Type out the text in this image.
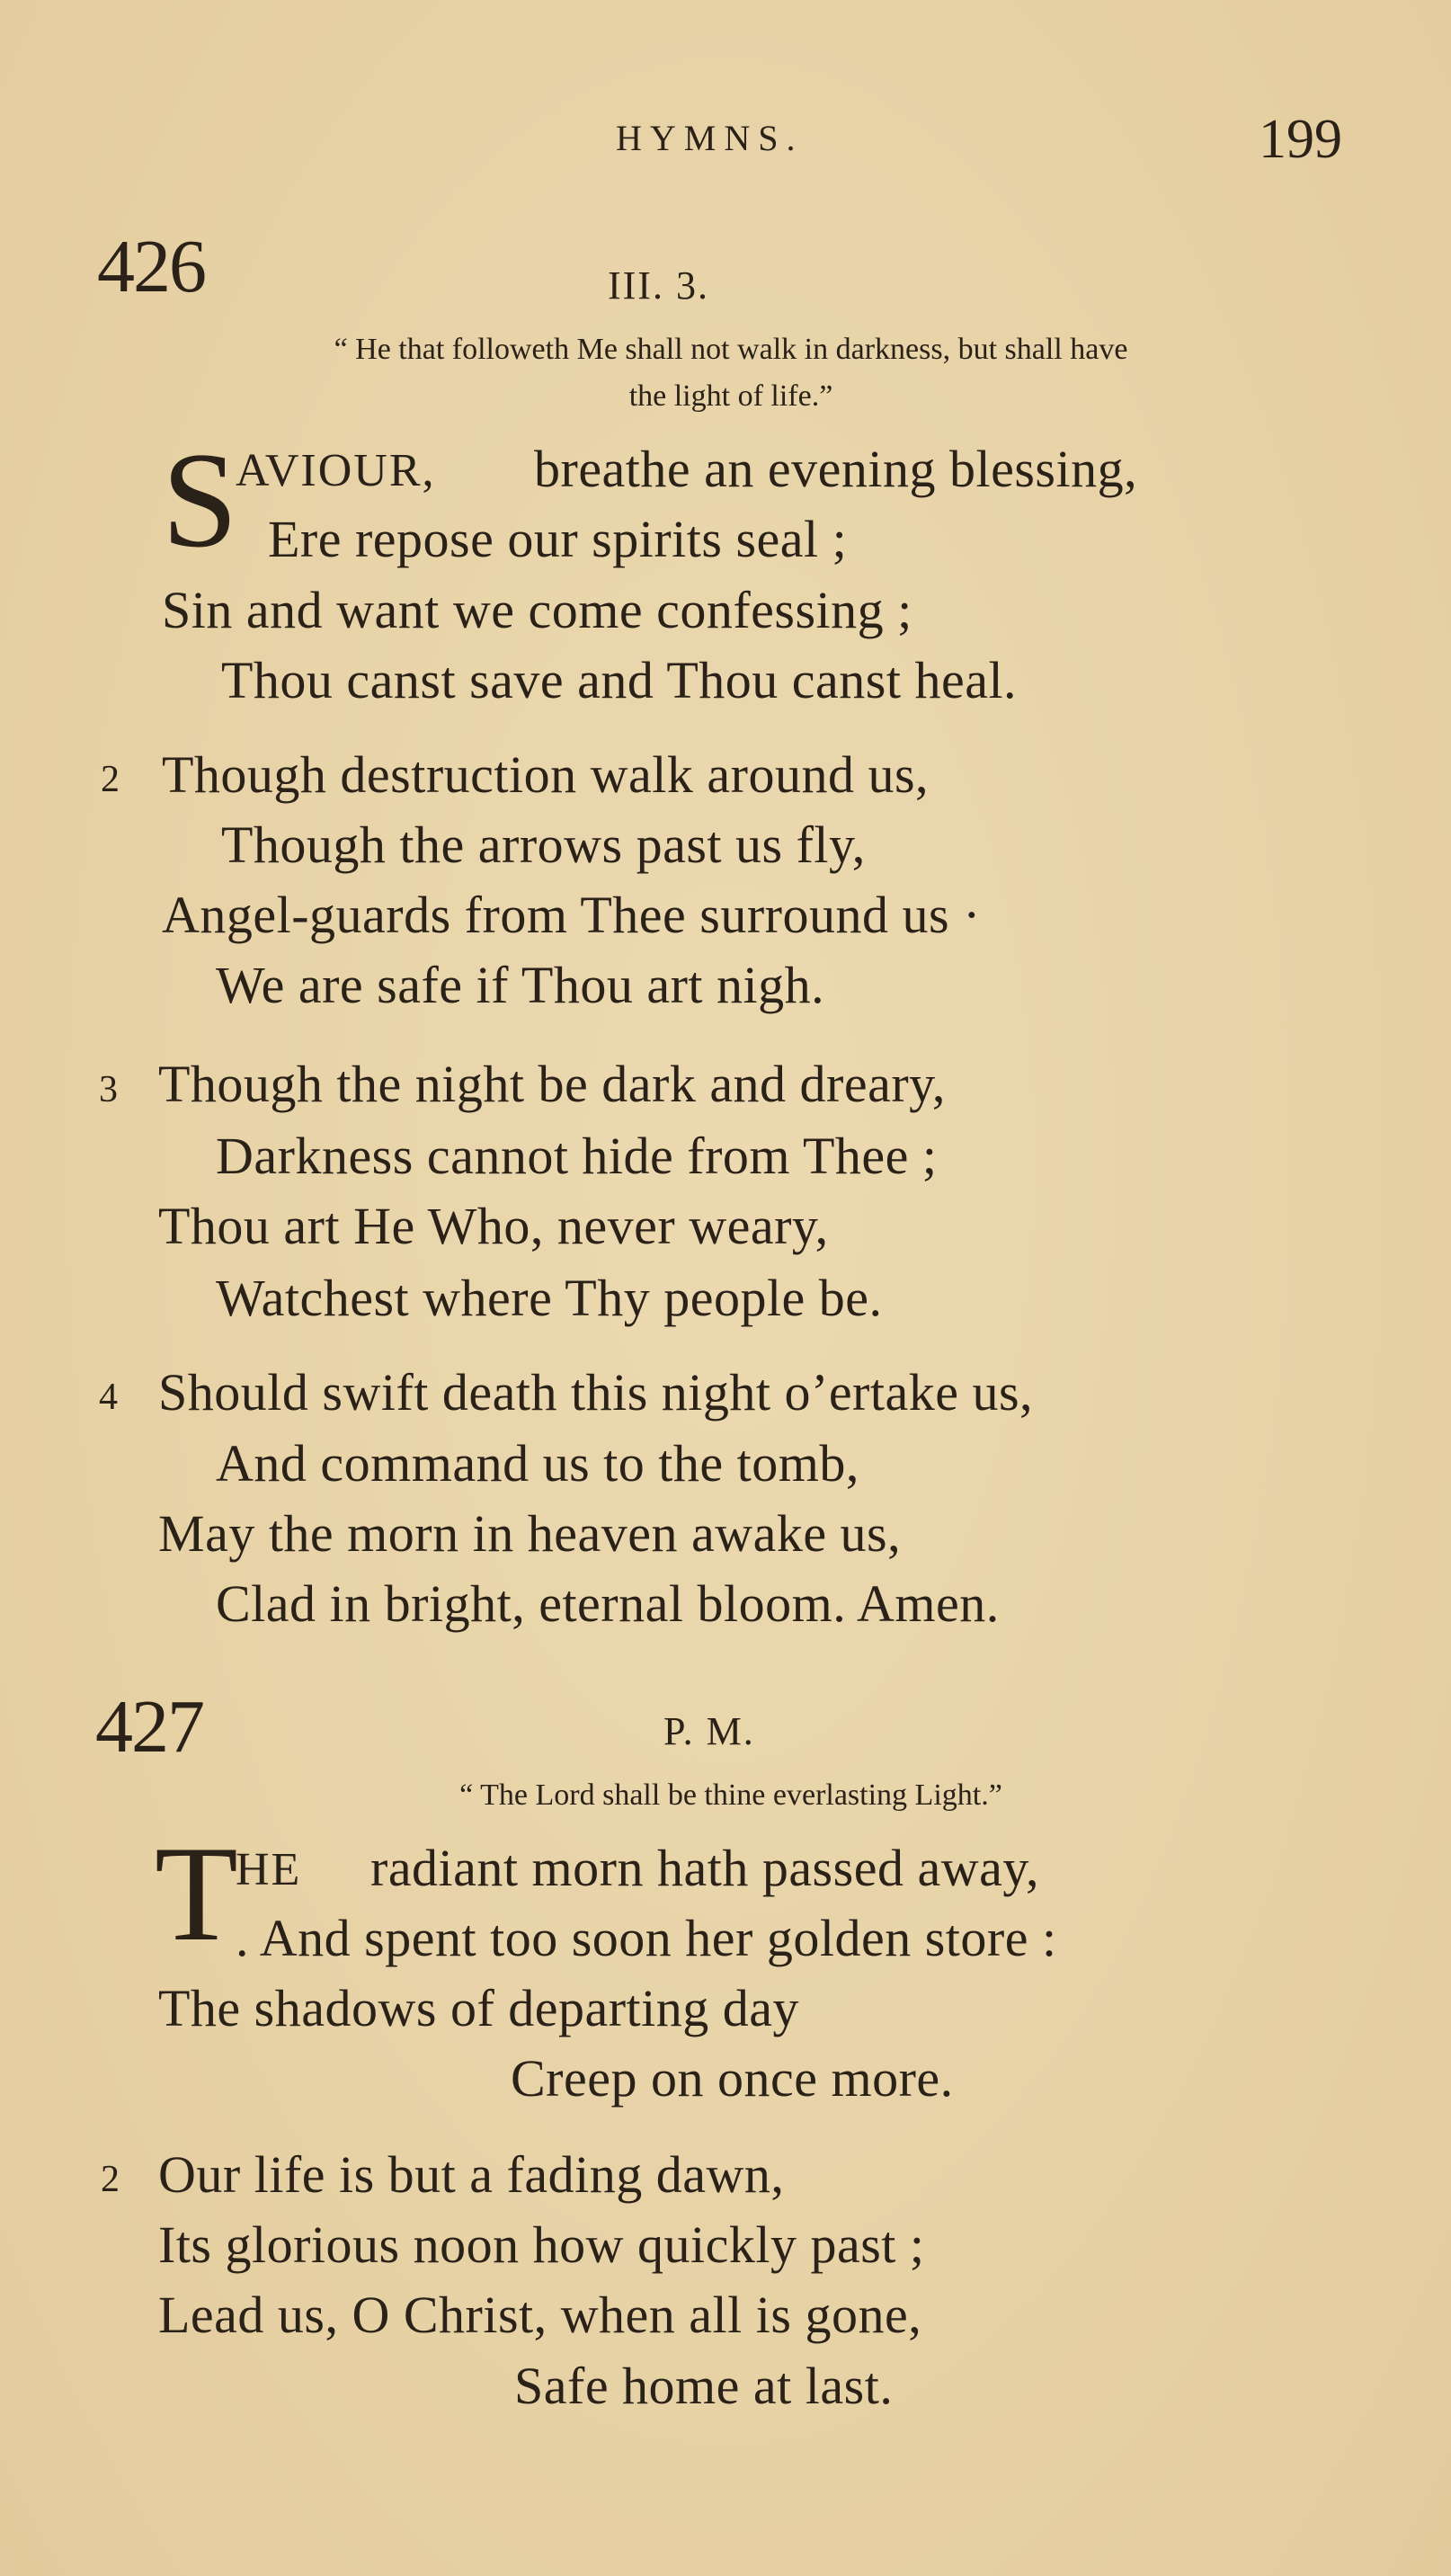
HYMNS.	199
426	III. 3.
“ He that followeth Me shall not walk in darkness, but shall have
the light of life.”
S
AVIOUR, breathe an evening blessing,
Ere repose our spirits seal ;
Sin and want we come confessing ;
Thou canst save and Thou canst heal.
2 Though destruction walk around us,
Though the arrows past us fly,
Angel-guards from Thee surround us ·
We are safe if Thou art nigh.
3 Though the night be dark and dreary,
Darkness cannot hide from Thee ;
Thou art He Who, never weary,
Watchest where Thy people be.
4 Should swift death this night o’ertake us,
And command us to the tomb,
May the morn in heaven awake us,
Clad in bright, eternal bloom. Amen.
427	P. M.
“ The Lord shall be thine everlasting Light.”
T
HE radiant morn hath passed away,
. And spent too soon her golden store :
The shadows of departing day
Creep on once more.
2 Our life is but a fading dawn,
Its glorious noon how quickly past ;
Lead us, O Christ, when all is gone,
Safe home at last.
